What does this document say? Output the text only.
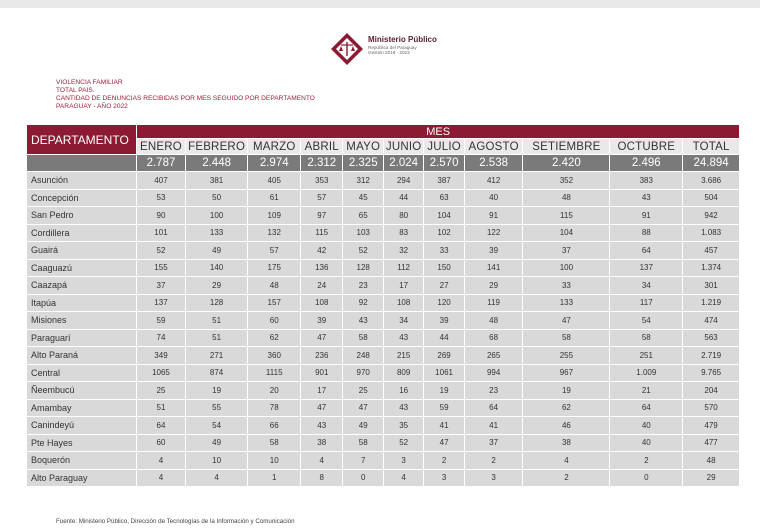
Ministerio Público
República del Paraguay
Gestión 2018 - 2023
VIOLENCIA FAMILIAR
TOTAL PAIS.
CANTIDAD DE DENUNCIAS RECIBIDAS POR MES SEGUIDO POR DEPARTAMENTO
PARAGUAY - AÑO 2022
DEPARTAMENTO	MES										
	ENERO	FEBRERO	MARZO	ABRIL	MAYO	JUNIO	JULIO	AGOSTO	SETIEMBRE	OCTUBRE	TOTAL
	2.787	2.448	2.974	2.312	2.325	2.024	2.570	2.538	2.420	2.496	24.894
Asunción	407	381	405	353	312	294	387	412	352	383	3.686
Concepción	53	50	61	57	45	44	63	40	48	43	504
San Pedro	90	100	109	97	65	80	104	91	115	91	942
Cordillera	101	133	132	115	103	83	102	122	104	88	1.083
Guairá	52	49	57	42	52	32	33	39	37	64	457
Caaguazú	155	140	175	136	128	112	150	141	100	137	1.374
Caazapá	37	29	48	24	23	17	27	29	33	34	301
Itapúa	137	128	157	108	92	108	120	119	133	117	1.219
Misiones	59	51	60	39	43	34	39	48	47	54	474
Paraguarí	74	51	62	47	58	43	44	68	58	58	563
Alto Paraná	349	271	360	236	248	215	269	265	255	251	2.719
Central	1065	874	1115	901	970	809	1061	994	967	1.009	9.765
Ñeembucú	25	19	20	17	25	16	19	23	19	21	204
Amambay	51	55	78	47	47	43	59	64	62	64	570
Canindeyú	64	54	66	43	49	35	41	41	46	40	479
Pte Hayes	60	49	58	38	58	52	47	37	38	40	477
Boquerón	4	10	10	4	7	3	2	2	4	2	48
Alto Paraguay	4	4	1	8	0	4	3	3	2	0	29
Fuente: Ministerio Público, Dirección de Tecnologías de la Información y Comunicación
